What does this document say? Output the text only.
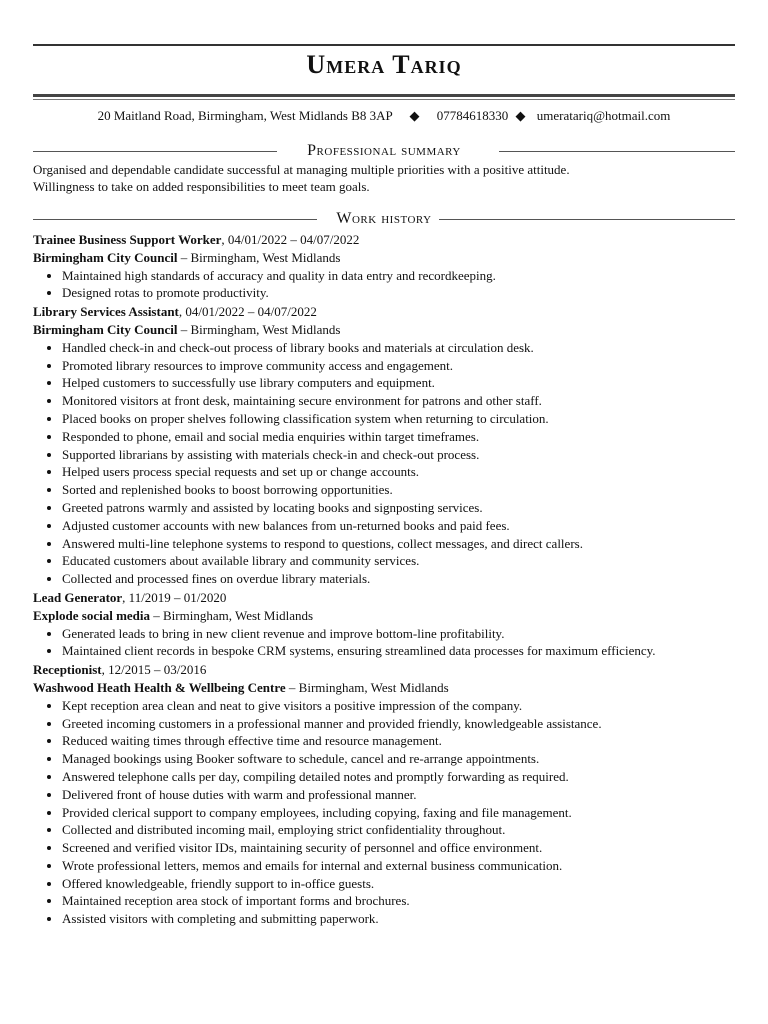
Umera Tariq
20 Maitland Road, Birmingham, West Midlands B8 3AP ◆ 07784618330 ◆ umeratariq@hotmail.com
Professional summary
Organised and dependable candidate successful at managing multiple priorities with a positive attitude.
Willingness to take on added responsibilities to meet team goals.
Work history

Trainee Business Support Worker, 04/01/2022 – 04/07/2022

Birmingham City Council – Birmingham, West Midlands

• Maintained high standards of accuracy and quality in data entry and recordkeeping.
• Designed rotas to promote productivity.

Library Services Assistant, 04/01/2022 – 04/07/2022

Birmingham City Council – Birmingham, West Midlands

• Handled check-in and check-out process of library books and materials at circulation desk.
• Promoted library resources to improve community access and engagement.
• Helped customers to successfully use library computers and equipment.
• Monitored visitors at front desk, maintaining secure environment for patrons and other staff.
• Placed books on proper shelves following classification system when returning to circulation.
• Responded to phone, email and social media enquiries within target timeframes.
• Supported librarians by assisting with materials check-in and check-out process.
• Helped users process special requests and set up or change accounts.
• Sorted and replenished books to boost borrowing opportunities.
• Greeted patrons warmly and assisted by locating books and signposting services.
• Adjusted customer accounts with new balances from un-returned books and paid fees.
• Answered multi-line telephone systems to respond to questions, collect messages, and direct callers.
• Educated customers about available library and community services.
• Collected and processed fines on overdue library materials.

Lead Generator, 11/2019 – 01/2020

Explode social media – Birmingham, West Midlands

• Generated leads to bring in new client revenue and improve bottom-line profitability.
• Maintained client records in bespoke CRM systems, ensuring streamlined data processes for maximum efficiency.

Receptionist, 12/2015 – 03/2016

Washwood Heath Health & Wellbeing Centre – Birmingham, West Midlands

• Kept reception area clean and neat to give visitors a positive impression of the company.
• Greeted incoming customers in a professional manner and provided friendly, knowledgeable assistance.
• Reduced waiting times through effective time and resource management.
• Managed bookings using Booker software to schedule, cancel and re-arrange appointments.
• Answered telephone calls per day, compiling detailed notes and promptly forwarding as required.
• Delivered front of house duties with warm and professional manner.
• Provided clerical support to company employees, including copying, faxing and file management.
• Collected and distributed incoming mail, employing strict confidentiality throughout.
• Screened and verified visitor IDs, maintaining security of personnel and office environment.
• Wrote professional letters, memos and emails for internal and external business communication.
• Offered knowledgeable, friendly support to in-office guests.
• Maintained reception area stock of important forms and brochures.
• Assisted visitors with completing and submitting paperwork.
